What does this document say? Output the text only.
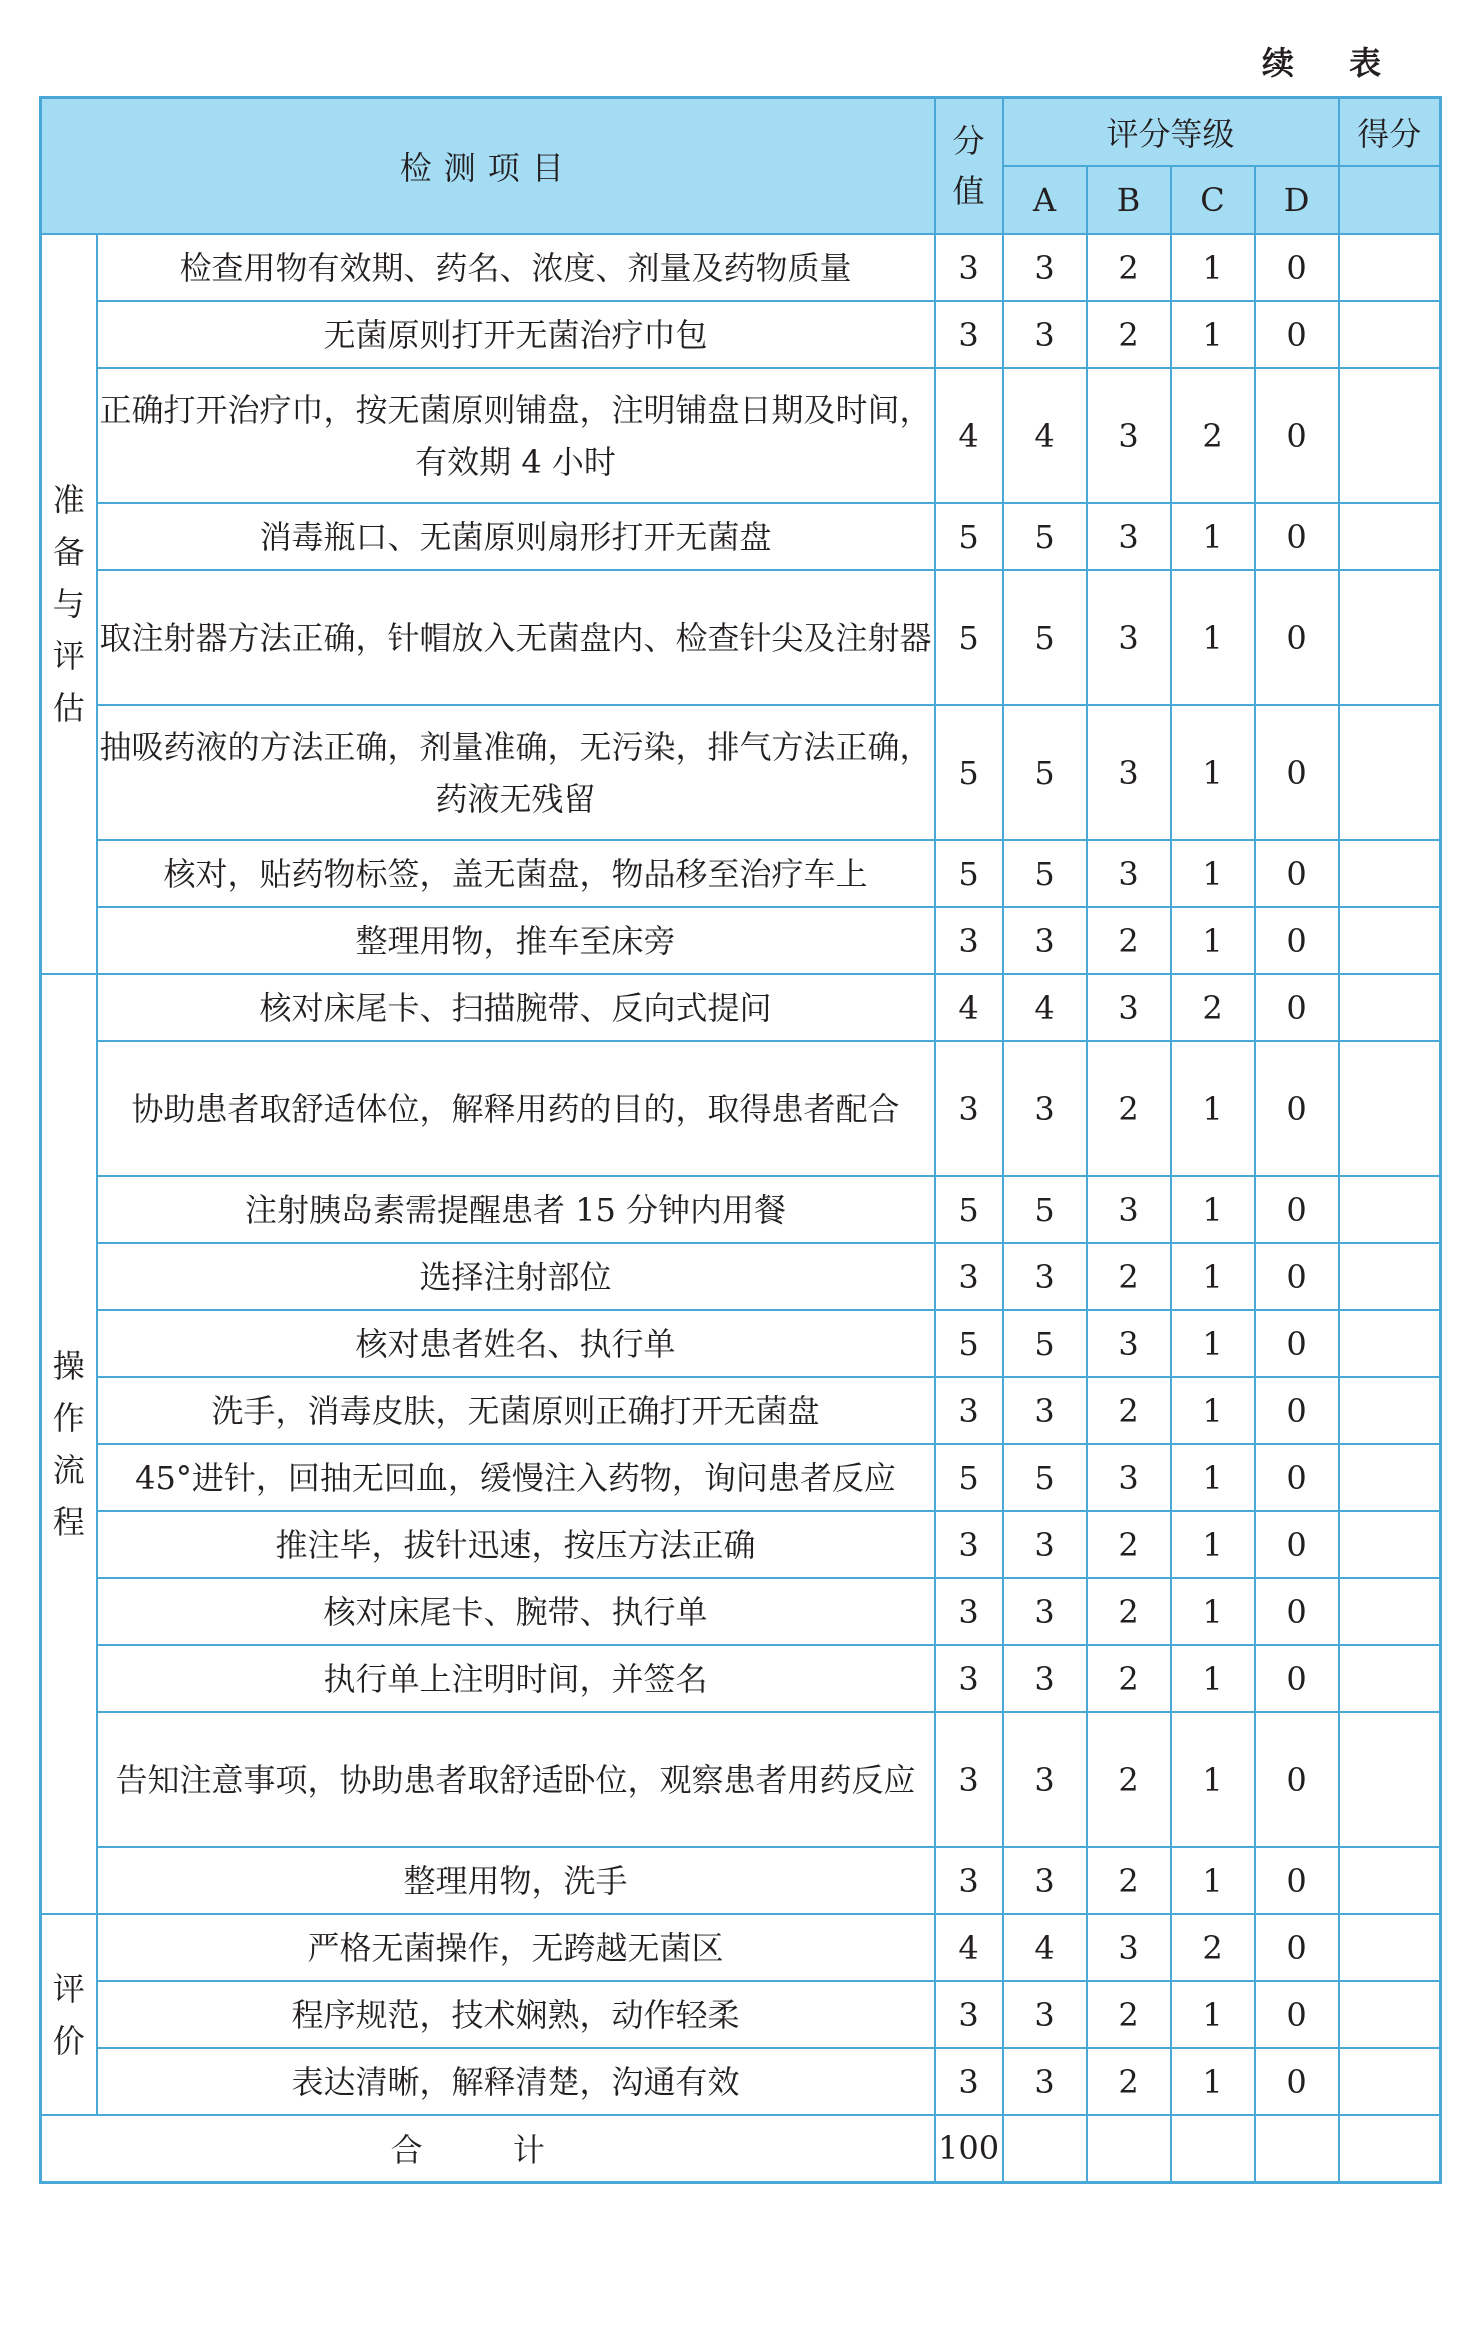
续 表
检测项目		分值	评分等级				得分
			A	B	C	D	

准备与评估	检查用物有效期、药名、浓度、剂量及药物质量	3	3	2	1	0	
	无菌原则打开无菌治疗巾包	3	3	2	1	0	
	正确打开治疗巾，按无菌原则铺盘，注明铺盘日期及时间，有效期 4 小时	4	4	3	2	0	
	消毒瓶口、无菌原则扇形打开无菌盘	5	5	3	1	0	
	取注射器方法正确，针帽放入无菌盘内、检查针尖及注射器	5	5	3	1	0	
	抽吸药液的方法正确，剂量准确，无污染，排气方法正确，药液无残留	5	5	3	1	0	
	核对，贴药物标签，盖无菌盘，物品移至治疗车上	5	5	3	1	0	
	整理用物，推车至床旁	3	3	2	1	0	

操作流程	核对床尾卡、扫描腕带、反向式提问	4	4	3	2	0	
	协助患者取舒适体位，解释用药的目的，取得患者配合	3	3	2	1	0	
	注射胰岛素需提醒患者 15 分钟内用餐	5	5	3	1	0	
	选择注射部位	3	3	2	1	0	
	核对患者姓名、执行单	5	5	3	1	0	
	洗手，消毒皮肤，无菌原则正确打开无菌盘	3	3	2	1	0	
	45°进针，回抽无回血，缓慢注入药物，询问患者反应	5	5	3	1	0	
	推注毕，拔针迅速，按压方法正确	3	3	2	1	0	
	核对床尾卡、腕带、执行单	3	3	2	1	0	
	执行单上注明时间，并签名	3	3	2	1	0	
	告知注意事项，协助患者取舒适卧位，观察患者用药反应	3	3	2	1	0	
	整理用物，洗手	3	3	2	1	0	

评价	严格无菌操作，无跨越无菌区	4	4	3	2	0	
	程序规范，技术娴熟，动作轻柔	3	3	2	1	0	
	表达清晰，解释清楚，沟通有效	3	3	2	1	0	
合 计		100					
